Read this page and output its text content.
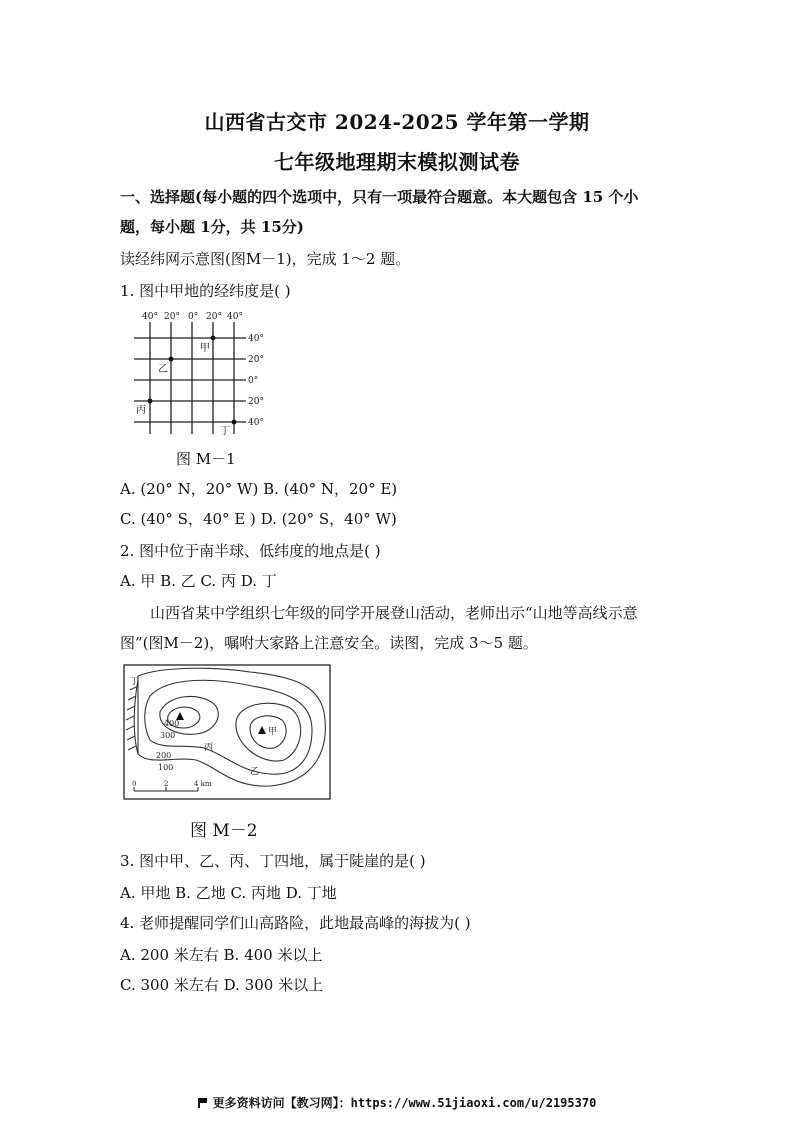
山西省古交市 2024-2025 学年第一学期
七年级地理期末模拟测试卷
一、选择题(每小题的四个选项中，只有一项最符合题意。本大题包含 15 个小
题，每小题 1分，共 15分)
读经纬网示意图(图M－1)，完成 1～2 题。
1. 图中甲地的经纬度是( )
40° 20° 0° 20° 40°
40°
20°
0°
20°
40°
甲
乙
丙
丁
图 M－1
A. (20° N，20° W) B. (40° N，20° E)
C. (40° S，40° E ) D. (20° S，40° W)
2. 图中位于南半球、低纬度的地点是( )
A. 甲 B. 乙 C. 丙 D. 丁
山西省某中学组织七年级的同学开展登山活动，老师出示“山地等高线示意
图”(图M－2)，嘱咐大家路上注意安全。读图，完成 3～5 题。
400
300
200
100
丁
甲
丙
乙
0	2	4 km
图 M－2
3. 图中甲、乙、丙、丁四地，属于陡崖的是( )
A. 甲地 B. 乙地 C. 丙地 D. 丁地
4. 老师提醒同学们山高路险，此地最高峰的海拔为( )
A. 200 米左右 B. 400 米以上
C. 300 米左右 D. 300 米以上
更多资料访问【教习网】：https://www.51jiaoxi.com/u/2195370
